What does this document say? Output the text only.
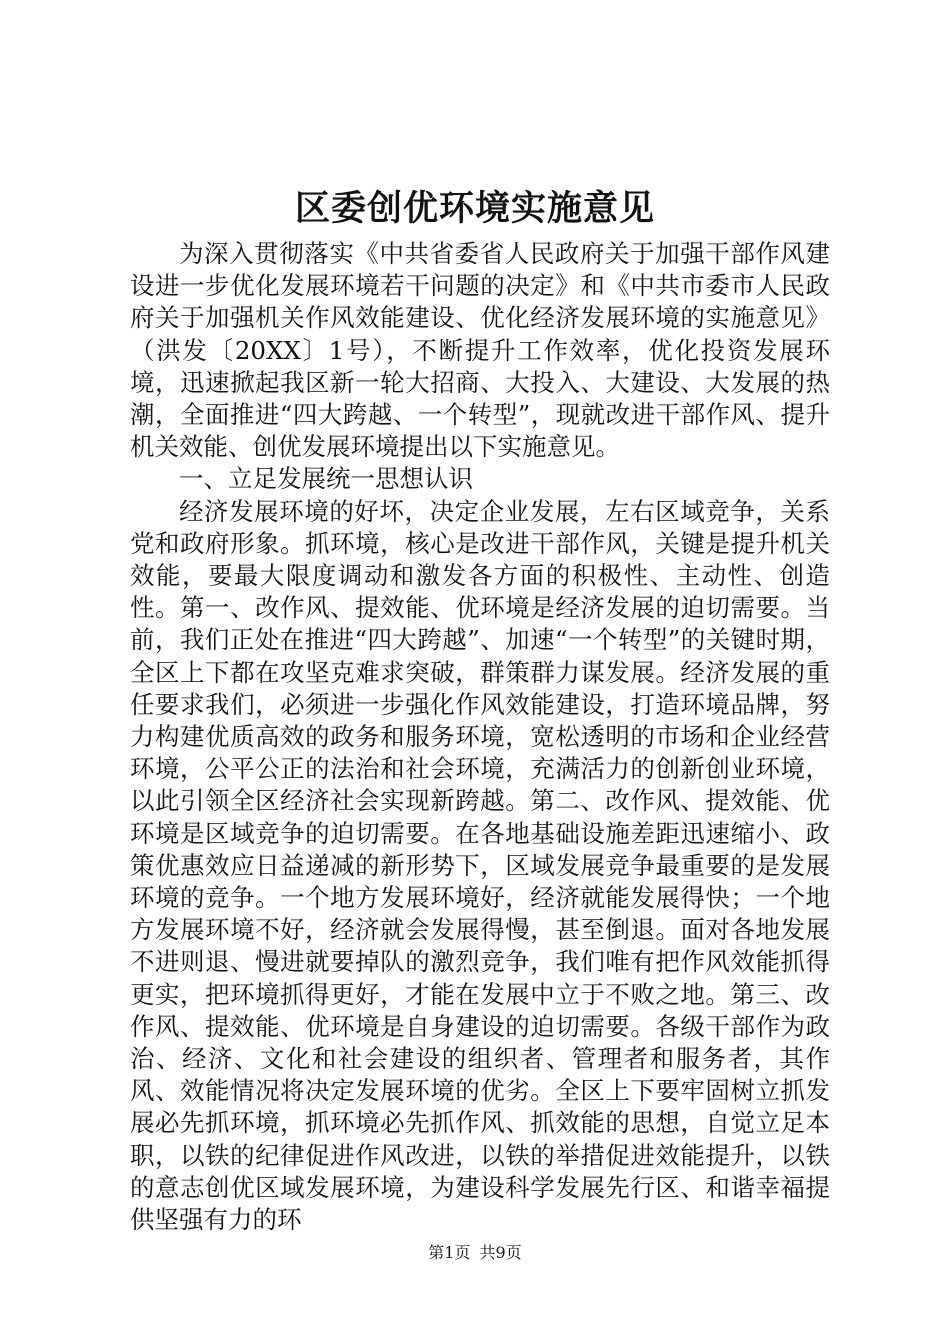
区委创优环境实施意见

为深入贯彻落实《中共省委省人民政府关于加强干部作风建设进一步优化发展环境若干问题的决定》和《中共市委市人民政府关于加强机关作风效能建设、优化经济发展环境的实施意见》（洪发〔20XX〕1号），不断提升工作效率，优化投资发展环境，迅速掀起我区新一轮大招商、大投入、大建设、大发展的热潮，全面推进“四大跨越、一个转型”，现就改进干部作风、提升机关效能、创优发展环境提出以下实施意见。

一、立足发展统一思想认识

经济发展环境的好坏，决定企业发展，左右区域竞争，关系党和政府形象。抓环境，核心是改进干部作风，关键是提升机关效能，要最大限度调动和激发各方面的积极性、主动性、创造性。第一、改作风、提效能、优环境是经济发展的迫切需要。当前，我们正处在推进“四大跨越”、加速“一个转型”的关键时期，全区上下都在攻坚克难求突破，群策群力谋发展。经济发展的重任要求我们，必须进一步强化作风效能建设，打造环境品牌，努力构建优质高效的政务和服务环境，宽松透明的市场和企业经营环境，公平公正的法治和社会环境，充满活力的创新创业环境，以此引领全区经济社会实现新跨越。第二、改作风、提效能、优环境是区域竞争的迫切需要。在各地基础设施差距迅速缩小、政策优惠效应日益递减的新形势下，区域发展竞争最重要的是发展环境的竞争。一个地方发展环境好，经济就能发展得快；一个地方发展环境不好，经济就会发展得慢，甚至倒退。面对各地发展不进则退、慢进就要掉队的激烈竞争，我们唯有把作风效能抓得更实，把环境抓得更好，才能在发展中立于不败之地。第三、改作风、提效能、优环境是自身建设的迫切需要。各级干部作为政治、经济、文化和社会建设的组织者、管理者和服务者，其作风、效能情况将决定发展环境的优劣。全区上下要牢固树立抓发展必先抓环境，抓环境必先抓作风、抓效能的思想，自觉立足本职，以铁的纪律促进作风改进，以铁的举措促进效能提升，以铁的意志创优区域发展环境，为建设科学发展先行区、和谐幸福提供坚强有力的环

第1页 共9页
